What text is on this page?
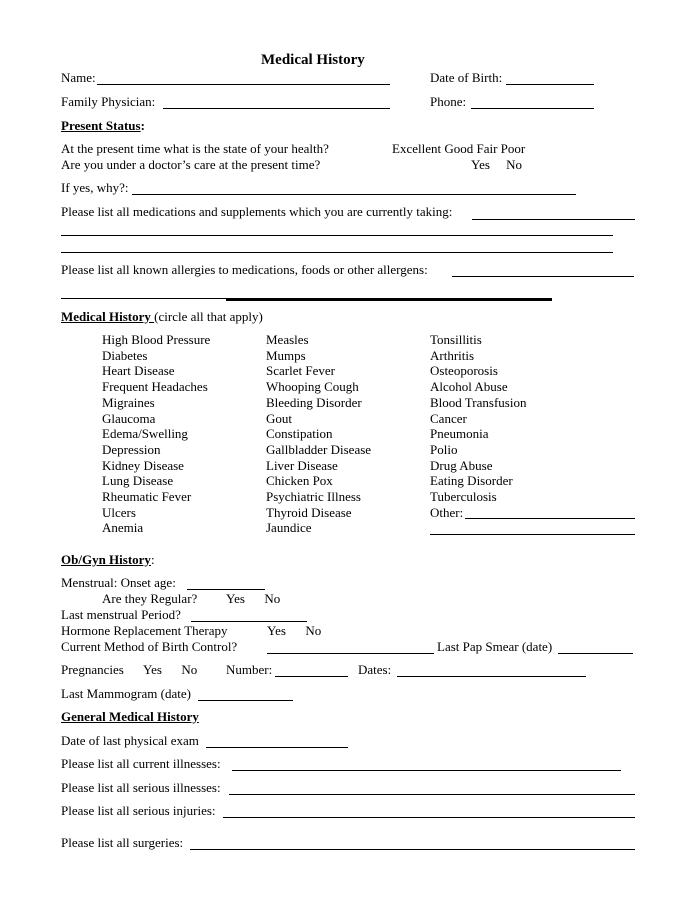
Medical History
Name:	Date of Birth:
Family Physician:	Phone:
Present Status:
At the present time what is the state of your health?	Excellent Good Fair Poor
Are you under a doctor’s care at the present time?	Yes     No
If yes, why?:
Please list all medications and supplements which you are currently taking:
Please list all known allergies to medications, foods or other allergens:
Medical History (circle all that apply)
High Blood Pressure
Diabetes
Heart Disease
Frequent Headaches
Migraines
Glaucoma
Edema/Swelling
Depression
Kidney Disease
Lung Disease
Rheumatic Fever
Ulcers
Anemia
Measles
Mumps
Scarlet Fever
Whooping Cough
Bleeding Disorder
Gout
Constipation
Gallbladder Disease
Liver Disease
Chicken Pox
Psychiatric Illness
Thyroid Disease
Jaundice
Tonsillitis
Arthritis
Osteoporosis
Alcohol Abuse
Blood Transfusion
Cancer
Pneumonia
Polio
Drug Abuse
Eating Disorder
Tuberculosis
Other:
Ob/Gyn History:
Menstrual: Onset age:
Are they Regular? Yes      No
Last menstrual Period?
Hormone Replacement Therapy	Yes      No
Current Method of Birth Control?	Last Pap Smear (date)
Pregnancies Yes      No Number:	Dates:
Last Mammogram (date)
General Medical History
Date of last physical exam
Please list all current illnesses:
Please list all serious illnesses:
Please list all serious injuries:
Please list all surgeries:
